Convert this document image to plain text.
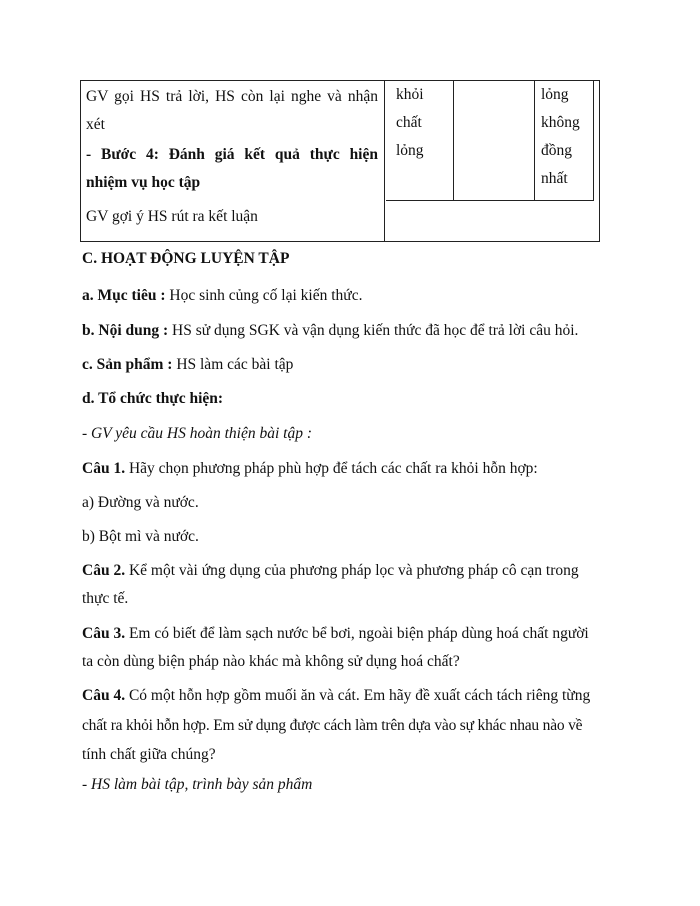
GV gọi HS trả lời, HS còn lại nghe và nhận

xét

- Bước 4: Đánh giá kết quả thực hiện

nhiệm vụ học tập

GV gợi ý HS rút ra kết luận

khỏi
chất
lỏng
lỏng
không
đồng
nhất

C. HOẠT ĐỘNG LUYỆN TẬP

a. Mục tiêu : Học sinh củng cố lại kiến thức.

b. Nội dung : HS sử dụng SGK và vận dụng kiến thức đã học để trả lời câu hỏi.

c. Sản phẩm : HS làm các bài tập

d. Tổ chức thực hiện:

- GV yêu cầu HS hoàn thiện bài tập :

Câu 1. Hãy chọn phương pháp phù hợp để tách các chất ra khỏi hỗn hợp:

a) Đường và nước.

b) Bột mì và nước.

Câu 2. Kể một vài ứng dụng của phương pháp lọc và phương pháp cô cạn trong

thực tế.

Câu 3. Em có biết để làm sạch nước bể bơi, ngoài biện pháp dùng hoá chất người

ta còn dùng biện pháp nào khác mà không sử dụng hoá chất?

Câu 4. Có một hỗn hợp gồm muối ăn và cát. Em hãy đề xuất cách tách riêng từng

chất ra khỏi hỗn hợp. Em sử dụng được cách làm trên dựa vào sự khác nhau nào về

tính chất giữa chúng?

- HS làm bài tập, trình bày sản phẩm
